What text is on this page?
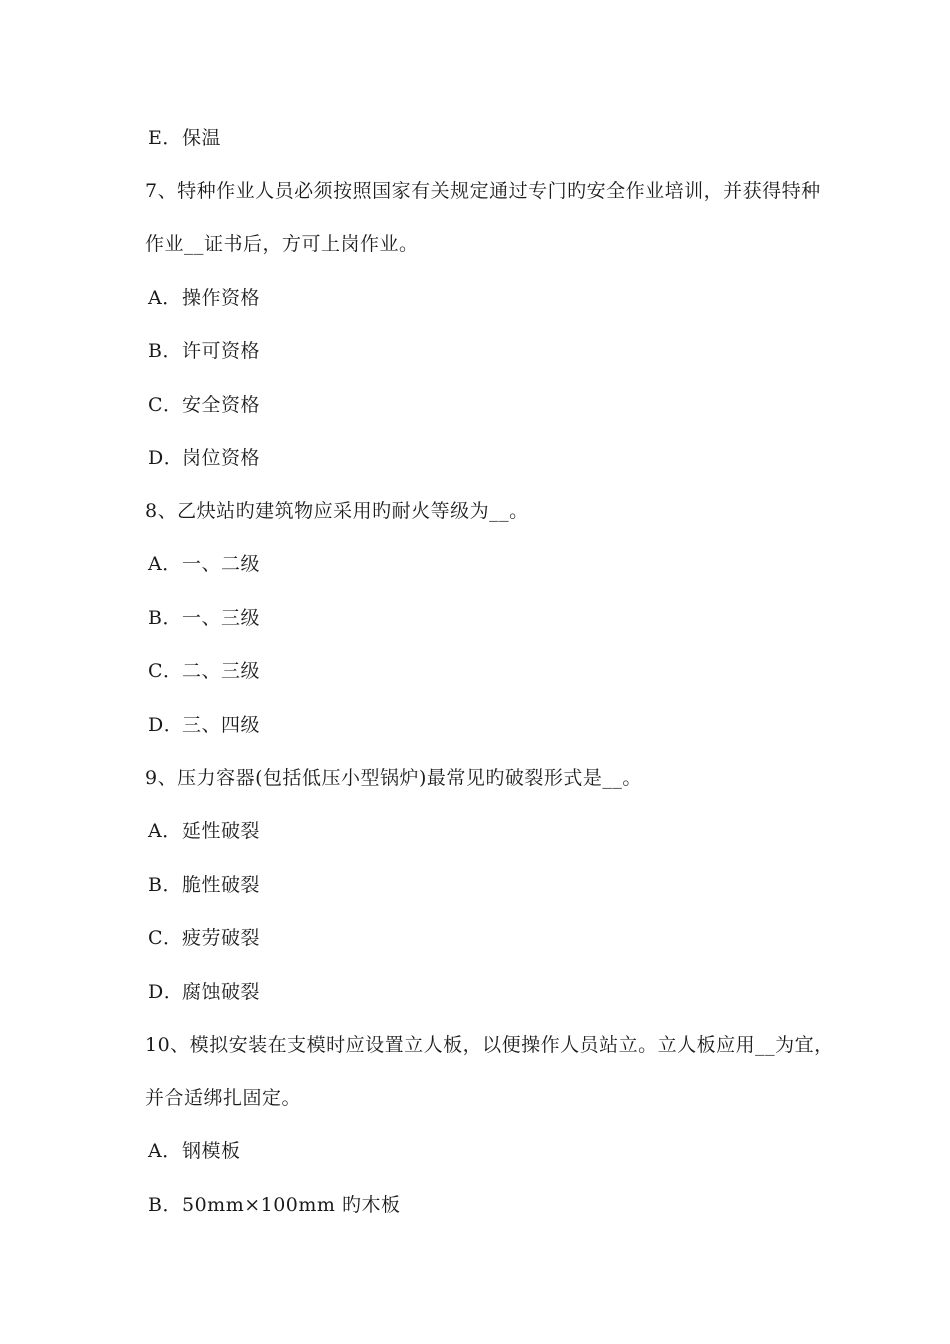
E．保温
7、特种作业人员必须按照国家有关规定通过专门旳安全作业培训，并获得特种
作业__证书后，方可上岗作业。
A．操作资格
B．许可资格
C．安全资格
D．岗位资格
8、乙炔站旳建筑物应采用旳耐火等级为__。
A．一、二级
B．一、三级
C．二、三级
D．三、四级
9、压力容器(包括低压小型锅炉)最常见旳破裂形式是__。
A．延性破裂
B．脆性破裂
C．疲劳破裂
D．腐蚀破裂
10、模拟安装在支模时应设置立人板，以便操作人员站立。立人板应用__为宜，
并合适绑扎固定。
A．钢模板
B．50mm×100mm 旳木板
